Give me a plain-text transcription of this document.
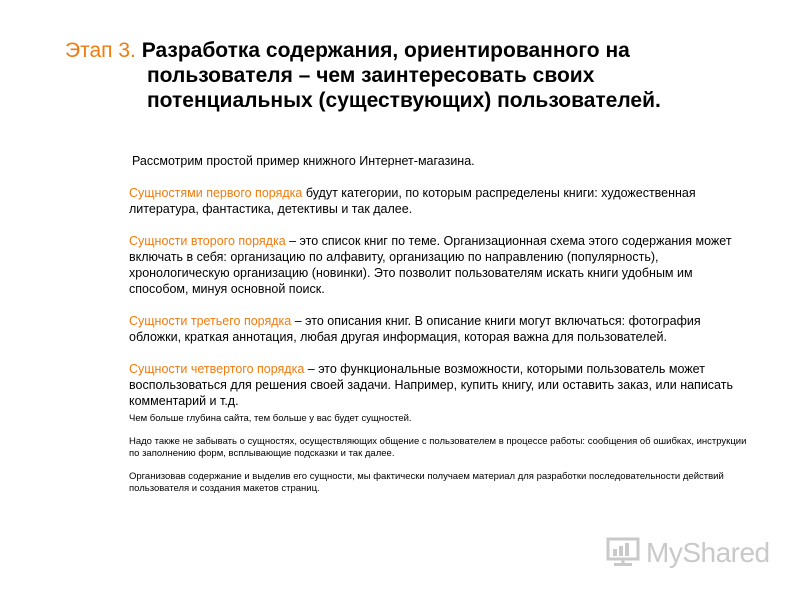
Этап 3. Разработка содержания, ориентированного на
пользователя – чем заинтересовать своих
потенциальных (существующих) пользователей.

Рассмотрим простой пример книжного Интернет-магазина.

Сущностями первого порядка будут категории, по которым распределены книги: художественная литература, фантастика, детективы и так далее.

Сущности второго порядка – это список книг по теме. Организационная схема этого содержания может включать в себя: организацию по алфавиту, организацию по направлению (популярность), хронологическую организацию (новинки). Это позволит пользователям искать книги удобным им способом, минуя основной поиск.

Сущности третьего порядка – это описания книг. В описание книги могут включаться: фотография обложки, краткая аннотация, любая другая информация, которая важна для пользователей.

Сущности четвертого порядка – это функциональные возможности, которыми пользователь может воспользоваться для решения своей задачи. Например, купить книгу, или оставить заказ, или написать комментарий и т.д.

Чем больше глубина сайта, тем больше у вас будет сущностей.

Надо также не забывать о сущностях, осуществляющих общение с пользователем в процессе работы: сообщения об ошибках, инструкции по заполнению форм, всплывающие подсказки и так далее.

Организовав содержание и выделив его сущности, мы фактически получаем материал для разработки последовательности действий пользователя и создания макетов страниц.

MyShared
